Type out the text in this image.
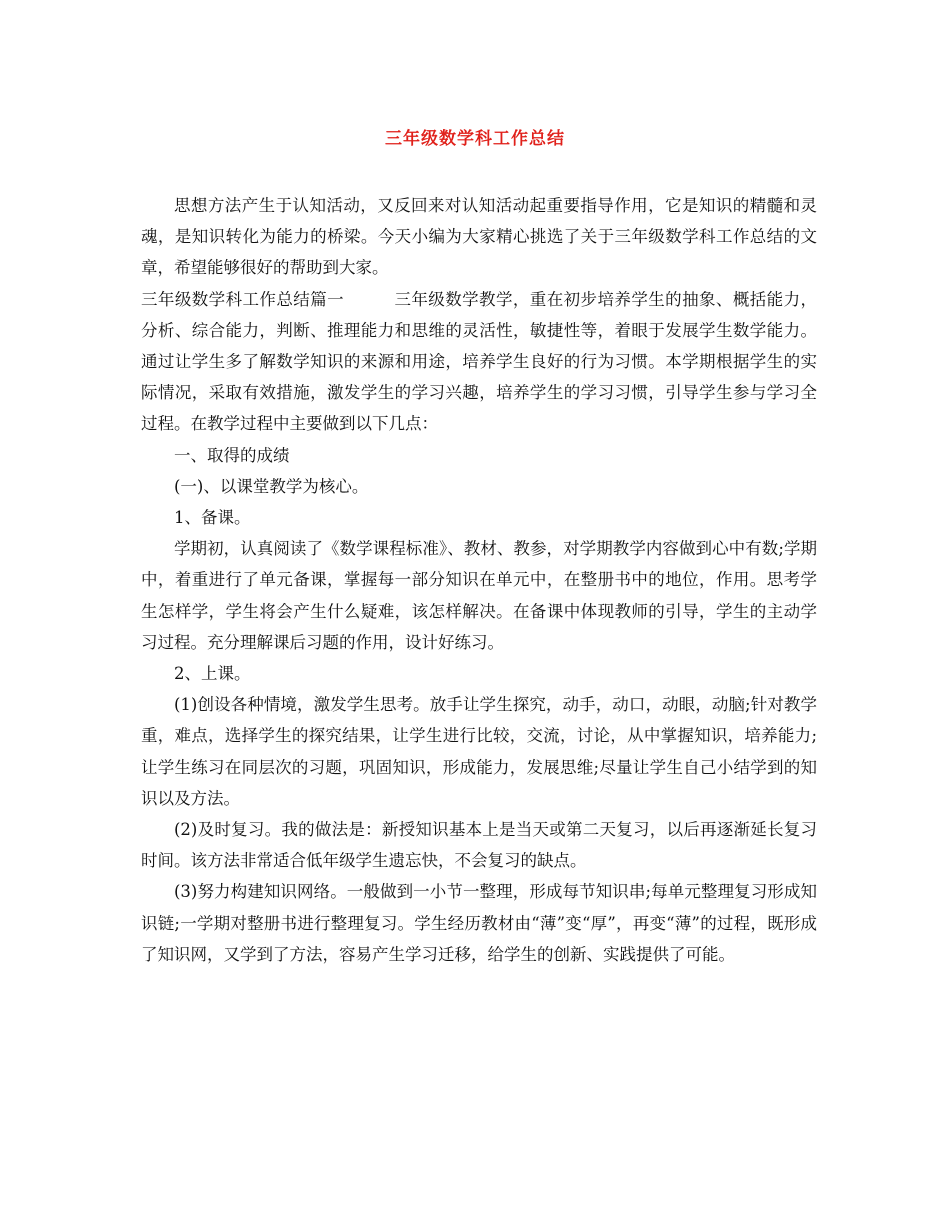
三年级数学科工作总结

思想方法产生于认知活动，又反回来对认知活动起重要指导作用，它是知识的精髓和灵魂，是知识转化为能力的桥梁。今天小编为大家精心挑选了关于三年级数学科工作总结的文章，希望能够很好的帮助到大家。

三年级数学科工作总结篇一	三年级数学教学，重在初步培养学生的抽象、概括能力，分析、综合能力，判断、推理能力和思维的灵活性，敏捷性等，着眼于发展学生数学能力。通过让学生多了解数学知识的来源和用途，培养学生良好的行为习惯。本学期根据学生的实际情况，采取有效措施，激发学生的学习兴趣，培养学生的学习习惯，引导学生参与学习全过程。在教学过程中主要做到以下几点：

一、取得的成绩

(一)、以课堂教学为核心。

1、备课。

学期初，认真阅读了《数学课程标准》、教材、教参，对学期教学内容做到心中有数;学期中，着重进行了单元备课，掌握每一部分知识在单元中，在整册书中的地位，作用。思考学生怎样学，学生将会产生什么疑难，该怎样解决。在备课中体现教师的引导，学生的主动学习过程。充分理解课后习题的作用，设计好练习。

2、上课。

(1)创设各种情境，激发学生思考。放手让学生探究，动手，动口，动眼，动脑;针对教学重，难点，选择学生的探究结果，让学生进行比较，交流，讨论，从中掌握知识，培养能力;让学生练习在同层次的习题，巩固知识，形成能力，发展思维;尽量让学生自己小结学到的知识以及方法。

(2)及时复习。我的做法是：新授知识基本上是当天或第二天复习，以后再逐渐延长复习时间。该方法非常适合低年级学生遗忘快，不会复习的缺点。

(3)努力构建知识网络。一般做到一小节一整理，形成每节知识串;每单元整理复习形成知识链;一学期对整册书进行整理复习。学生经历教材由“薄”变“厚”，再变“薄”的过程，既形成了知识网，又学到了方法，容易产生学习迁移，给学生的创新、实践提供了可能。
